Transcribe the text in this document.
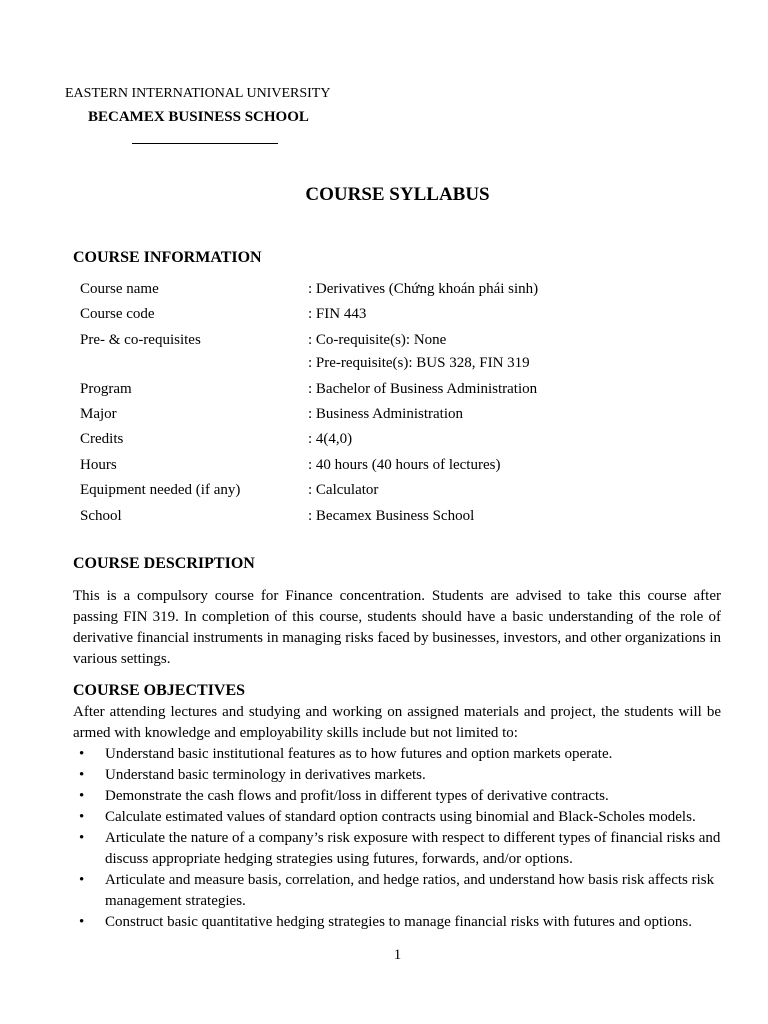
EASTERN INTERNATIONAL UNIVERSITY
BECAMEX BUSINESS SCHOOL
COURSE SYLLABUS
COURSE INFORMATION
Course name	: Derivatives (Chứng khoán phái sinh)
Course code	: FIN 443
Pre- & co-requisites	: Co-requisite(s): None
: Pre-requisite(s): BUS 328, FIN 319
Program	: Bachelor of Business Administration
Major	: Business Administration
Credits	: 4(4,0)
Hours	: 40 hours (40 hours of lectures)
Equipment needed (if any)	: Calculator
School	: Becamex Business School
COURSE DESCRIPTION
This is a compulsory course for Finance concentration. Students are advised to take this course after passing FIN 319. In completion of this course, students should have a basic understanding of the role of derivative financial instruments in managing risks faced by businesses, investors, and other organizations in various settings.
COURSE OBJECTIVES
After attending lectures and studying and working on assigned materials and project, the students will be armed with knowledge and employability skills include but not limited to:
• Understand basic institutional features as to how futures and option markets operate.
• Understand basic terminology in derivatives markets.
• Demonstrate the cash flows and profit/loss in different types of derivative contracts.
• Calculate estimated values of standard option contracts using binomial and Black-Scholes models.
• Articulate the nature of a company’s risk exposure with respect to different types of financial risks and discuss appropriate hedging strategies using futures, forwards, and/or options.
• Articulate and measure basis, correlation, and hedge ratios, and understand how basis risk affects risk management strategies.
• Construct basic quantitative hedging strategies to manage financial risks with futures and options.
1
